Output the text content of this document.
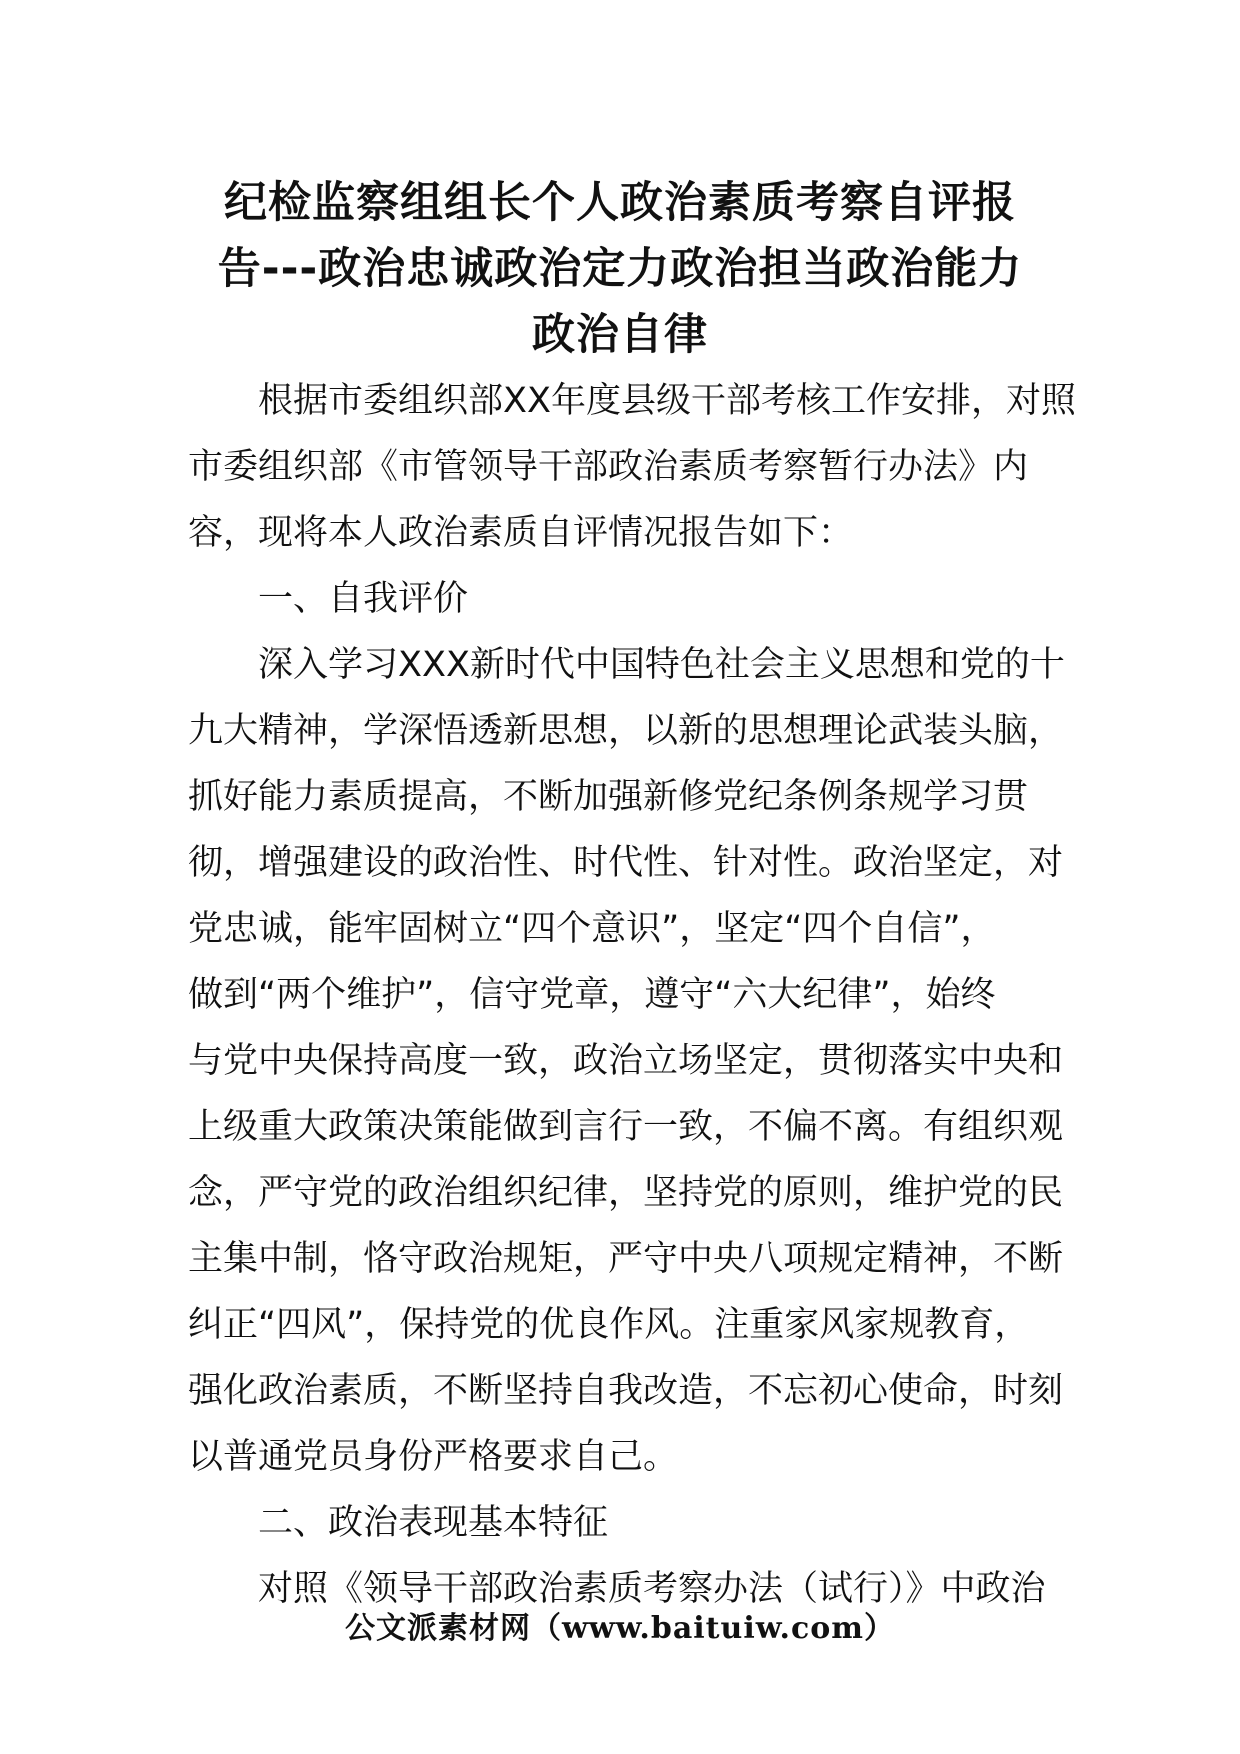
纪检监察组组长个人政治素质考察自评报
告---政治忠诚政治定力政治担当政治能力
政治自律
根据市委组织部XX年度县级干部考核工作安排，对照
市委组织部《市管领导干部政治素质考察暂行办法》内
容，现将本人政治素质自评情况报告如下：
一、自我评价
深入学习XXX新时代中国特色社会主义思想和党的十
九大精神，学深悟透新思想，以新的思想理论武装头脑，
抓好能力素质提高，不断加强新修党纪条例条规学习贯
彻，增强建设的政治性、时代性、针对性。政治坚定，对
党忠诚，能牢固树立“四个意识”，坚定“四个自信”，
做到“两个维护”，信守党章，遵守“六大纪律”，始终
与党中央保持高度一致，政治立场坚定，贯彻落实中央和
上级重大政策决策能做到言行一致，不偏不离。有组织观
念，严守党的政治组织纪律，坚持党的原则，维护党的民
主集中制，恪守政治规矩，严守中央八项规定精神，不断
纠正“四风”，保持党的优良作风。注重家风家规教育，
强化政治素质，不断坚持自我改造，不忘初心使命，时刻
以普通党员身份严格要求自己。
二、政治表现基本特征
对照《领导干部政治素质考察办法（试行）》中政治
公文派素材网（www.baituiw.com）
